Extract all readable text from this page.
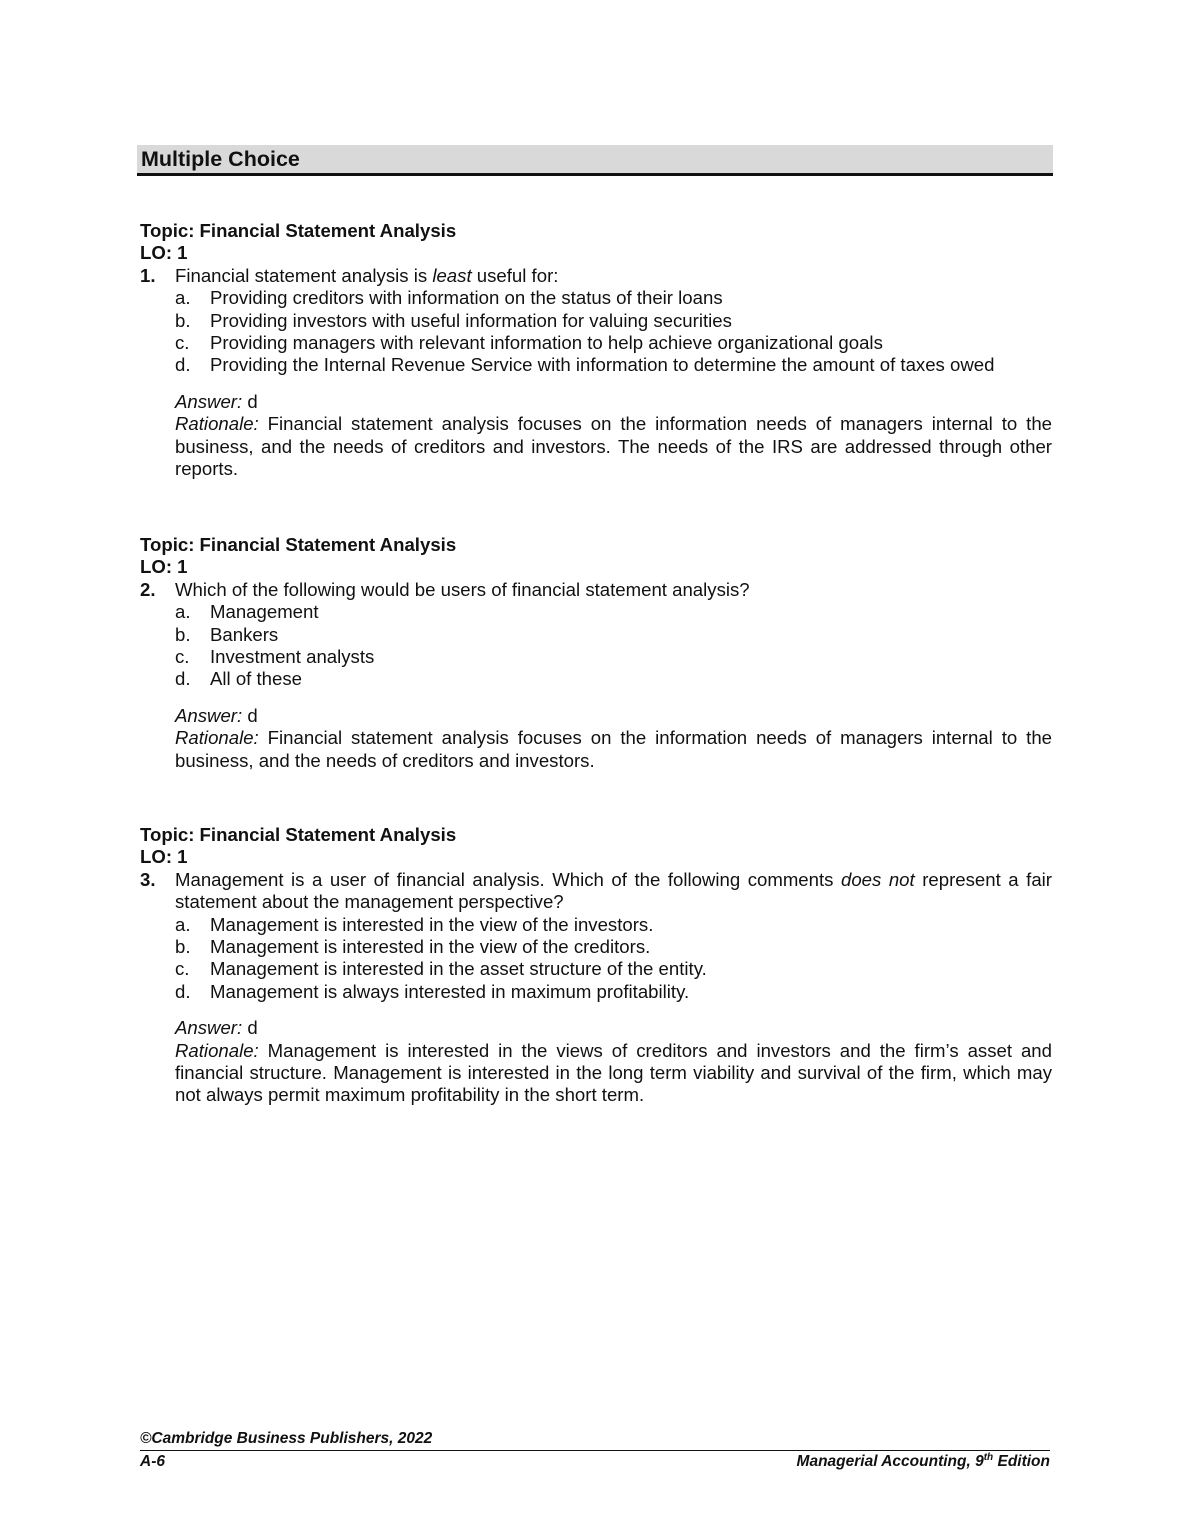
Multiple Choice
Topic: Financial Statement Analysis
LO: 1
1. Financial statement analysis is least useful for:
a. Providing creditors with information on the status of their loans
b. Providing investors with useful information for valuing securities
c. Providing managers with relevant information to help achieve organizational goals
d. Providing the Internal Revenue Service with information to determine the amount of taxes owed
Answer: d
Rationale: Financial statement analysis focuses on the information needs of managers internal to the business, and the needs of creditors and investors. The needs of the IRS are addressed through other reports.
Topic: Financial Statement Analysis
LO: 1
2. Which of the following would be users of financial statement analysis?
a. Management
b. Bankers
c. Investment analysts
d. All of these
Answer: d
Rationale: Financial statement analysis focuses on the information needs of managers internal to the business, and the needs of creditors and investors.
Topic: Financial Statement Analysis
LO: 1
3. Management is a user of financial analysis. Which of the following comments does not represent a fair statement about the management perspective?
a. Management is interested in the view of the investors.
b. Management is interested in the view of the creditors.
c. Management is interested in the asset structure of the entity.
d. Management is always interested in maximum profitability.
Answer: d
Rationale: Management is interested in the views of creditors and investors and the firm’s asset and financial structure. Management is interested in the long term viability and survival of the firm, which may not always permit maximum profitability in the short term.
©Cambridge Business Publishers, 2022
A-6	Managerial Accounting, 9th Edition
